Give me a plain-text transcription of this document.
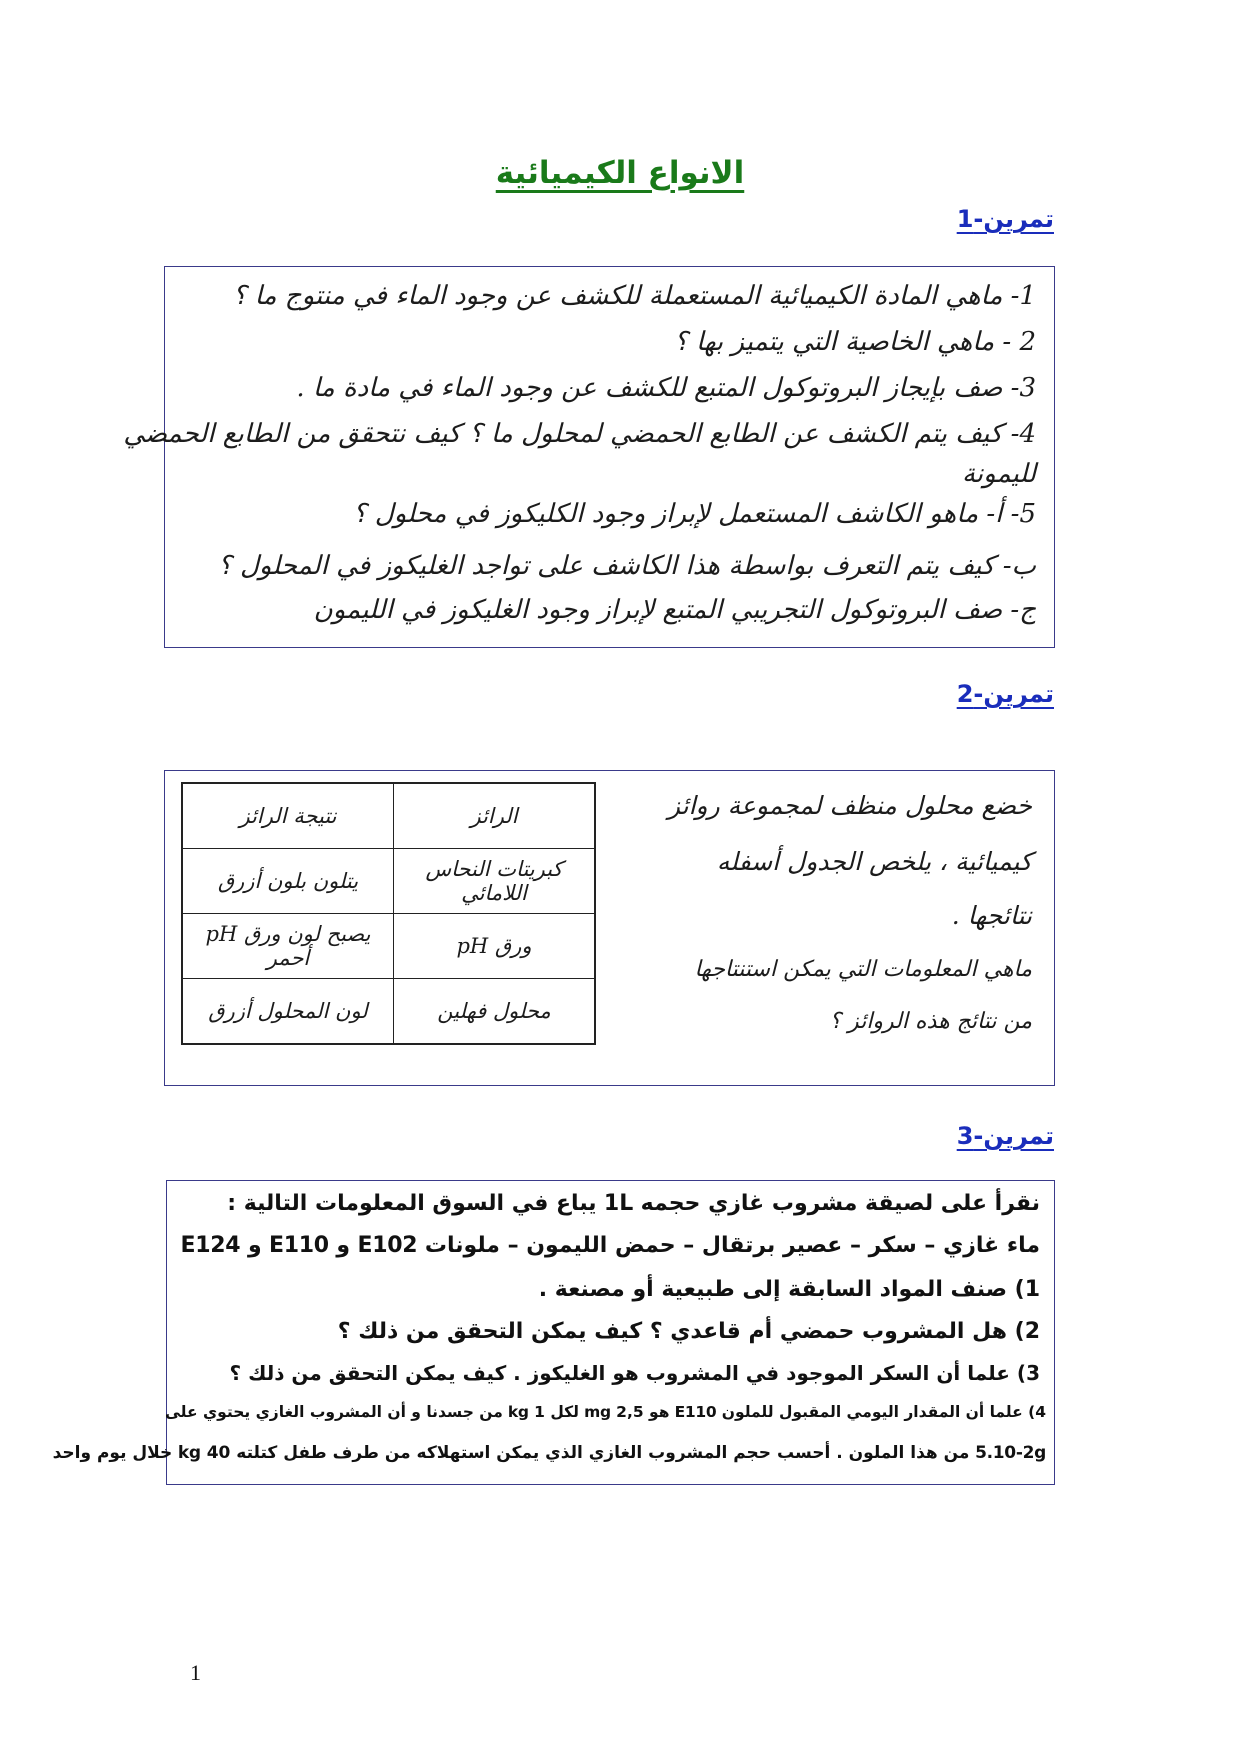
الانواع الكيميائية
تمرين-1
1- ماهي المادة الكيميائية المستعملة للكشف عن وجود الماء في منتوج ما ؟
2 - ماهي الخاصية التي يتميز بها ؟
3- صف بإيجاز البروتوكول المتبع للكشف عن وجود الماء في مادة ما .
4- كيف يتم الكشف عن الطابع الحمضي لمحلول ما ؟ كيف نتحقق من الطابع الحمضي
لليمونة
5- أ- ماهو الكاشف المستعمل لإبراز وجود الكليكوز في محلول ؟
ب- كيف يتم التعرف بواسطة هذا الكاشف على تواجد الغليكوز في المحلول ؟
ج- صف البروتوكول التجريبي المتبع لإبراز وجود الغليكوز في الليمون
تمرين-2
خضع محلول منظف لمجموعة روائز
كيميائية ، يلخص الجدول أسفله
نتائجها .
ماهي المعلومات التي يمكن استنتاجها
من نتائج هذه الروائز ؟
نتيجة الرائز	الرائز
يتلون بلون أزرق	كبريتات النحاس اللامائي
يصبح لون ورق pH أحمر	ورق pH
لون المحلول أزرق	محلول فهلين
تمرين-3
نقرأ على لصيقة مشروب غازي حجمه 1L يباع في السوق المعلومات التالية :
ماء غازي – سكر – عصير برتقال – حمض الليمون – ملونات E102 و E110 و E124
1) صنف المواد السابقة إلى طبيعية أو مصنعة .
2) هل المشروب حمضي أم قاعدي ؟ كيف يمكن التحقق من ذلك ؟
3) علما أن السكر الموجود في المشروب هو الغليكوز . كيف يمكن التحقق من ذلك ؟
4) علما أن المقدار اليومي المقبول للملون E110 هو 2,5 mg لكل 1 kg من جسدنا و أن المشروب الغازي يحتوي على
5.10-2g من هذا الملون . أحسب حجم المشروب الغازي الذي يمكن استهلاكه من طرف طفل كتلته 40 kg خلال يوم واحد
1
